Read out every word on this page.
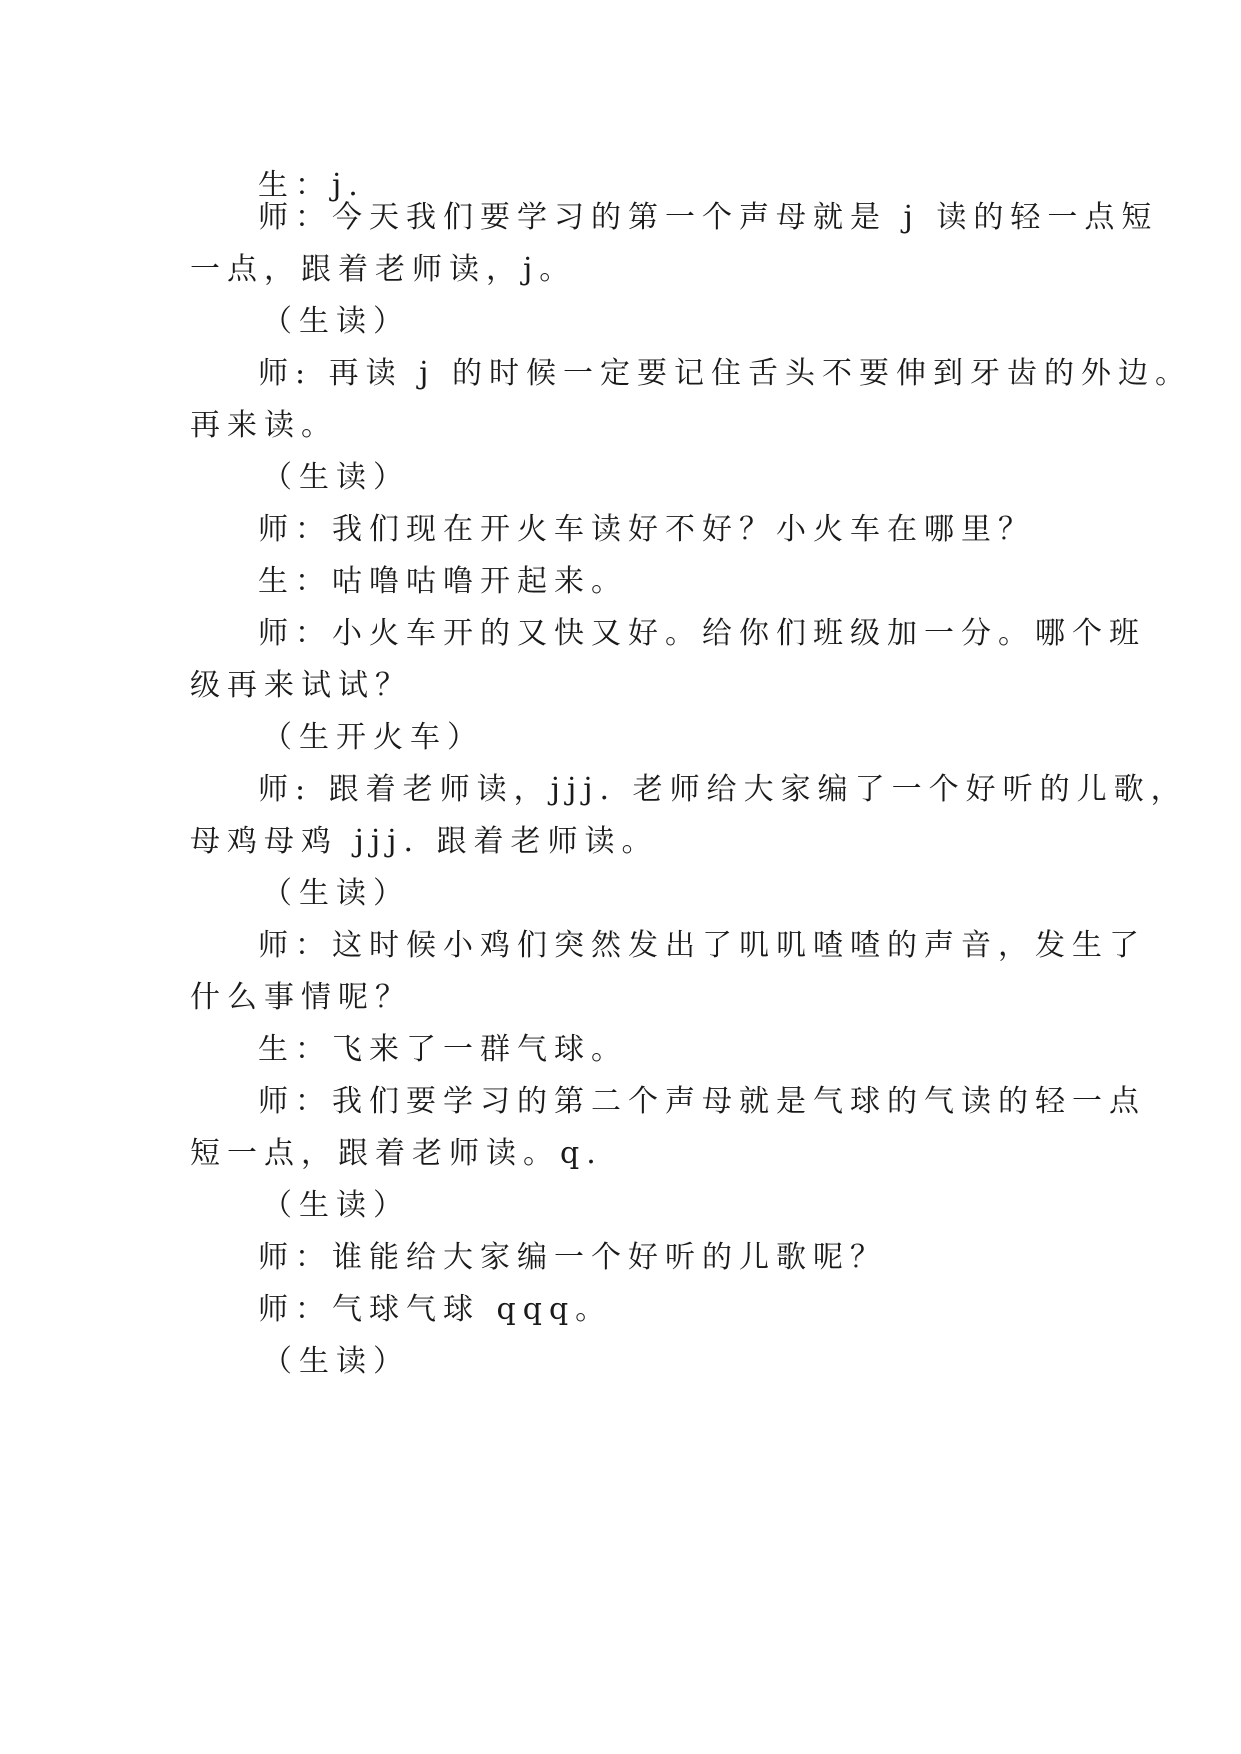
生：j.
师：今天我们要学习的第一个声母就是 j 读的轻一点短
一点，跟着老师读，j。
（生读）
师: 再读 j 的时候一定要记住舌头不要伸到牙齿的外边。
再来读。
（生读）
师：我们现在开火车读好不好？小火车在哪里？
生：咕噜咕噜开起来。
师：小火车开的又快又好。给你们班级加一分。哪个班
级再来试试？
（生开火车）
师: 跟着老师读，jjj. 老师给大家编了一个好听的儿歌，
母鸡母鸡 jjj. 跟着老师读。
（生读）
师：这时候小鸡们突然发出了叽叽喳喳的声音，发生了
什么事情呢？
生：飞来了一群气球。
师：我们要学习的第二个声母就是气球的气读的轻一点
短一点，跟着老师读。q.
（生读）
师：谁能给大家编一个好听的儿歌呢？
师：气球气球 qqq。
（生读）
